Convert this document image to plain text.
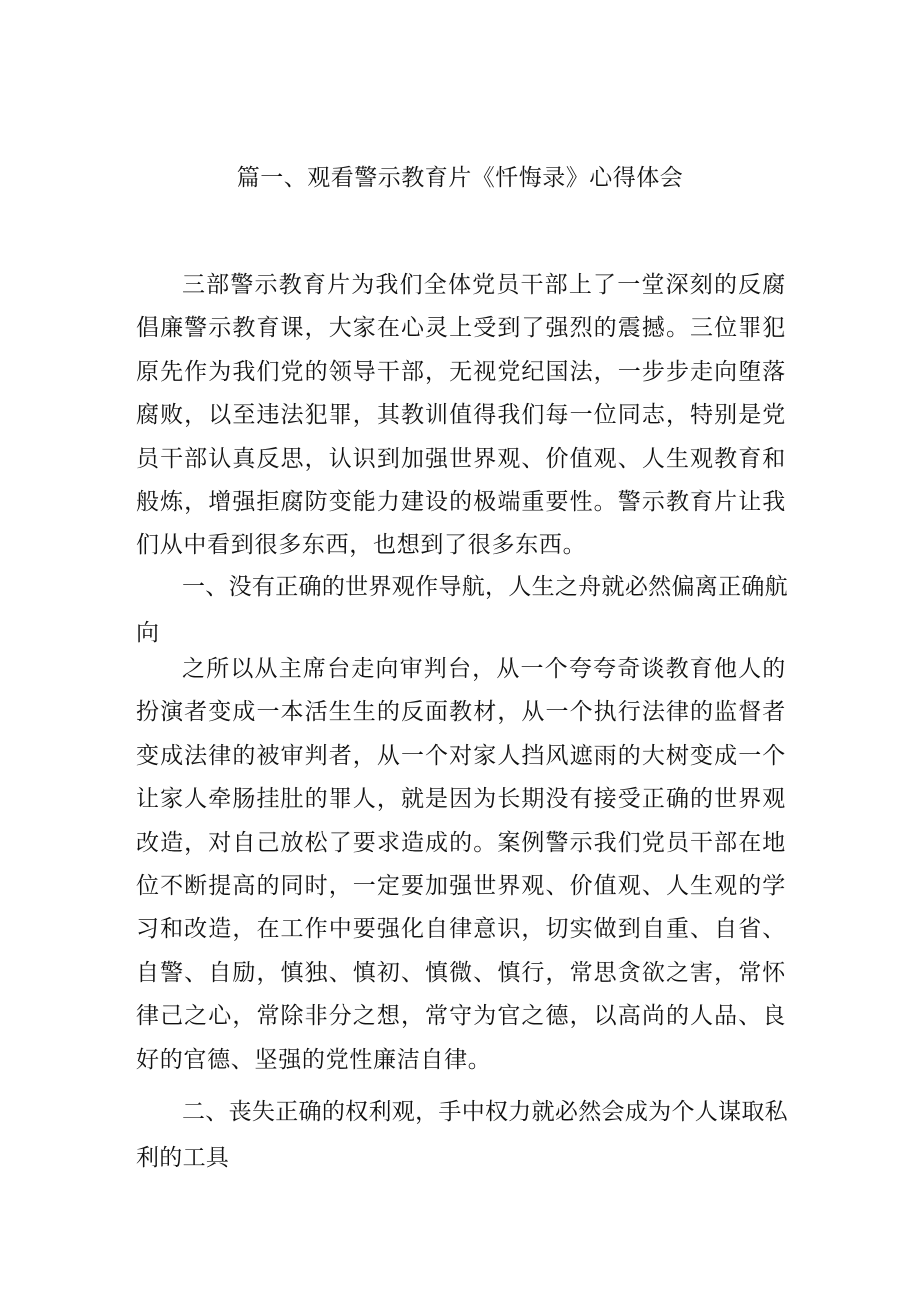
篇一、观看警示教育片《忏悔录》心得体会

三部警示教育片为我们全体党员干部上了一堂深刻的反腐倡廉警示教育课，大家在心灵上受到了强烈的震撼。三位罪犯原先作为我们党的领导干部，无视党纪国法，一步步走向堕落腐败，以至违法犯罪，其教训值得我们每一位同志，特别是党员干部认真反思，认识到加强世界观、价值观、人生观教育和般炼，增强拒腐防变能力建设的极端重要性。警示教育片让我们从中看到很多东西，也想到了很多东西。

一、没有正确的世界观作导航，人生之舟就必然偏离正确航向

之所以从主席台走向审判台，从一个夸夸奇谈教育他人的扮演者变成一本活生生的反面教材，从一个执行法律的监督者变成法律的被审判者，从一个对家人挡风遮雨的大树变成一个让家人牵肠挂肚的罪人，就是因为长期没有接受正确的世界观改造，对自己放松了要求造成的。案例警示我们党员干部在地位不断提高的同时，一定要加强世界观、价值观、人生观的学习和改造，在工作中要强化自律意识，切实做到自重、自省、自警、自励，慎独、慎初、慎微、慎行，常思贪欲之害，常怀律己之心，常除非分之想，常守为官之德，以高尚的人品、良好的官德、坚强的党性廉洁自律。

二、丧失正确的权利观，手中权力就必然会成为个人谋取私利的工具
